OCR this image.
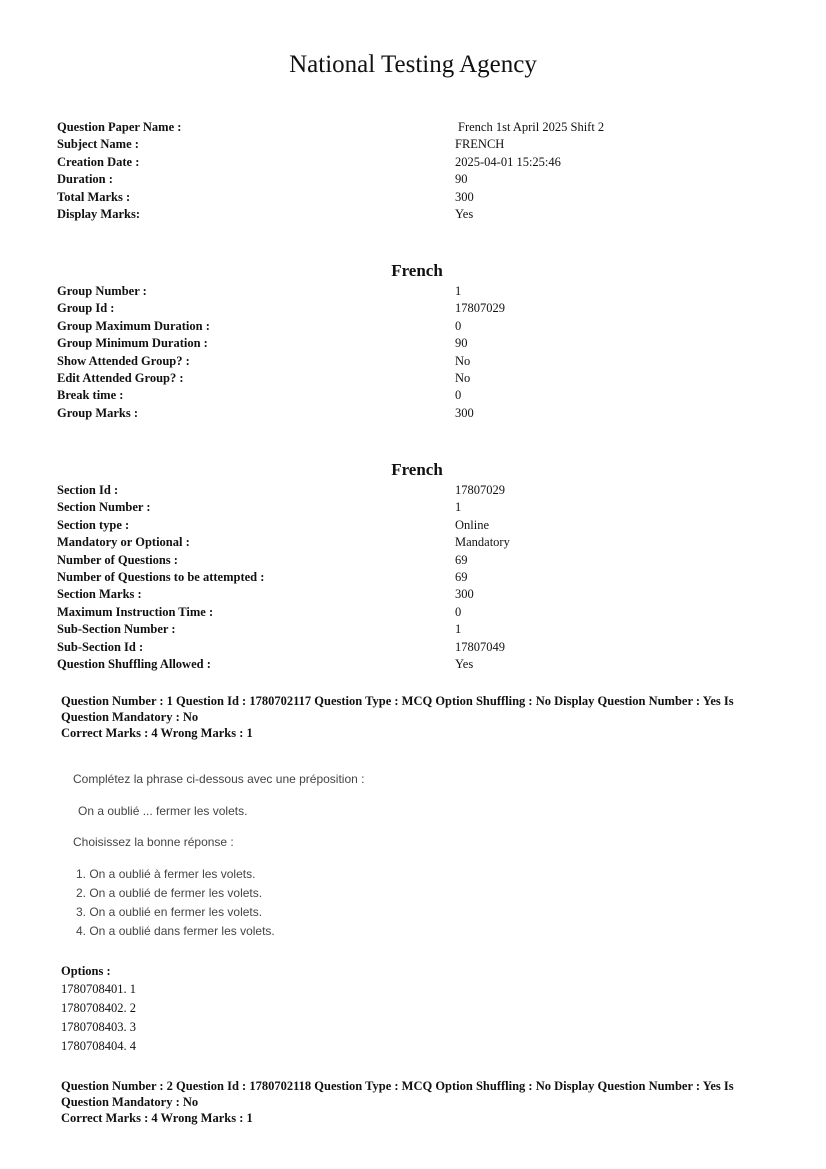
National Testing Agency
Question Paper Name :	French 1st April 2025 Shift 2
Subject Name :	FRENCH
Creation Date :	2025-04-01 15:25:46
Duration :	90
Total Marks :	300
Display Marks:	Yes
French
Group Number :	1
Group Id :	17807029
Group Maximum Duration :	0
Group Minimum Duration :	90
Show Attended Group? :	No
Edit Attended Group? :	No
Break time :	0
Group Marks :	300
French
Section Id :	17807029
Section Number :	1
Section type :	Online
Mandatory or Optional :	Mandatory
Number of Questions :	69
Number of Questions to be attempted :	69
Section Marks :	300
Maximum Instruction Time :	0
Sub-Section Number :	1
Sub-Section Id :	17807049
Question Shuffling Allowed :	Yes
Question Number : 1 Question Id : 1780702117 Question Type : MCQ Option Shuffling : No Display Question Number : Yes Is Question Mandatory : No
Correct Marks : 4 Wrong Marks : 1
Complétez la phrase ci-dessous avec une préposition :
On a oublié ... fermer les volets.
Choisissez la bonne réponse :
1. On a oublié à fermer les volets.
2. On a oublié de fermer les volets.
3. On a oublié en fermer les volets.
4. On a oublié dans fermer les volets.
Options :
1780708401. 1
1780708402. 2
1780708403. 3
1780708404. 4
Question Number : 2 Question Id : 1780702118 Question Type : MCQ Option Shuffling : No Display Question Number : Yes Is Question Mandatory : No
Correct Marks : 4 Wrong Marks : 1
